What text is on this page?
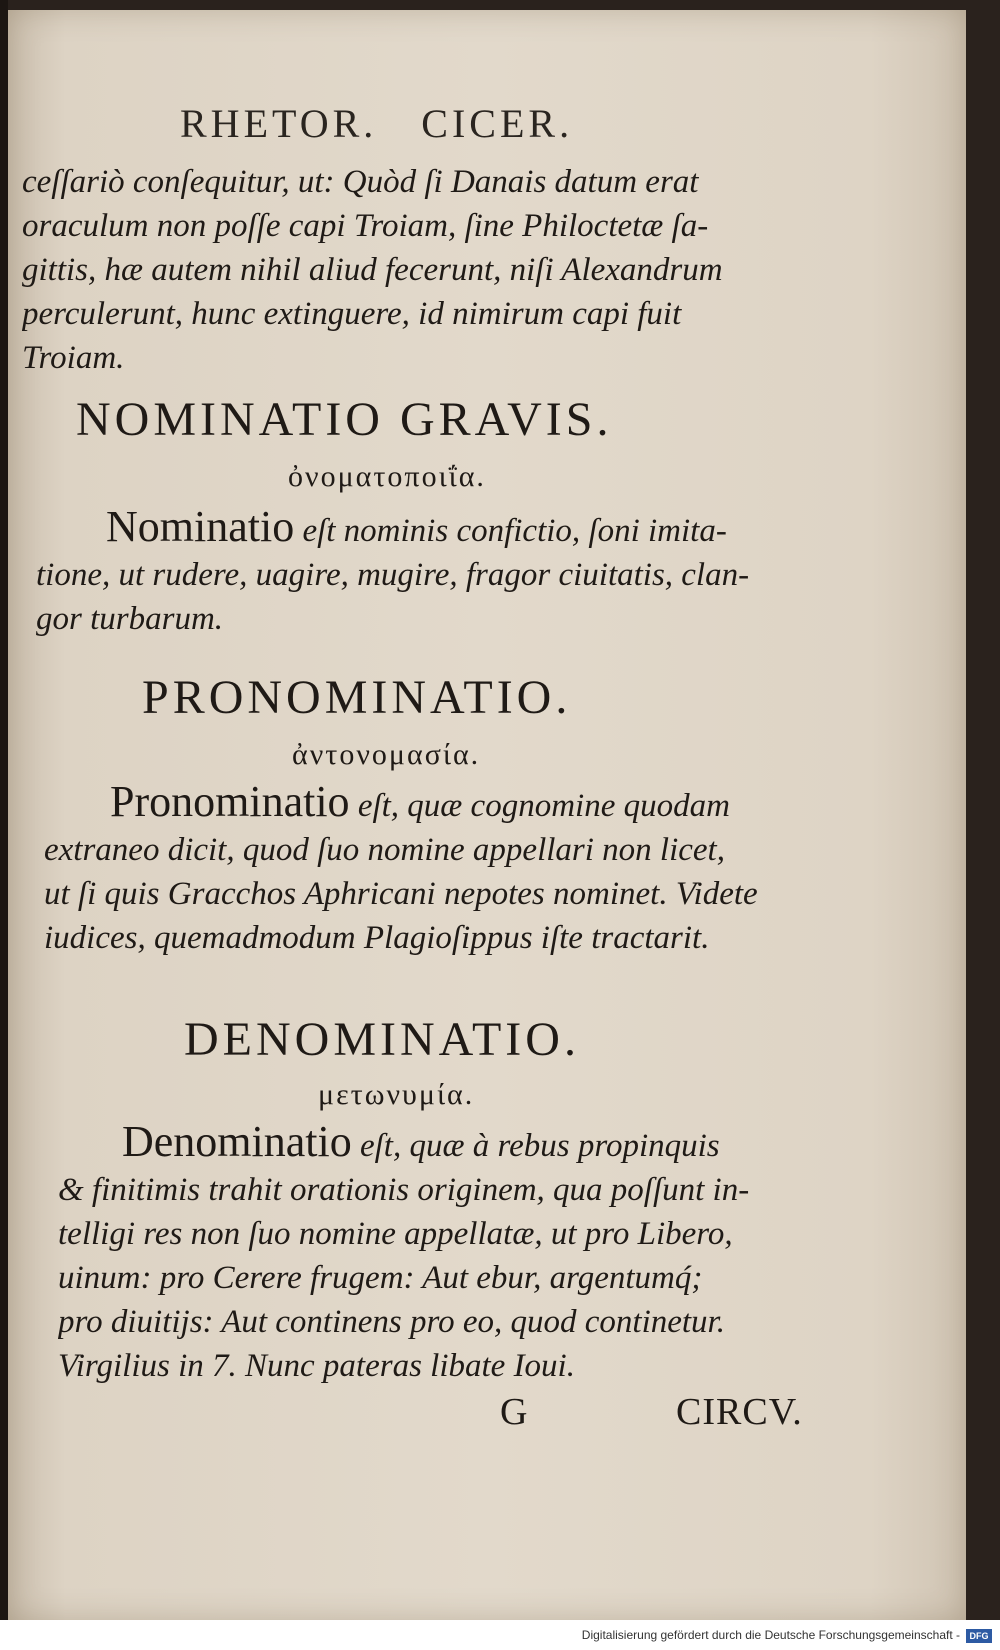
RHETOR. CICER.
ceſſariò conſequitur, ut: Quòd ſi Danais datum erat
oraculum non poſſe capi Troiam, ſine Philoctetæ ſa-
gittis, hæ autem nihil aliud fecerunt, niſi Alexandrum
perculerunt, hunc extinguere, id nimirum capi fuit
Troiam.
NOMINATIO GRAVIS.
ὀνοματοποιΐα.
Nominatio eſt nominis confictio, ſoni imita-
tione, ut rudere, uagire, mugire, fragor ciuitatis, clan-
gor turbarum.
PRONOMINATIO.
ἀντονομασία.
Pronominatio eſt, quæ cognomine quodam
extraneo dicit, quod ſuo nomine appellari non licet,
ut ſi quis Gracchos Aphricani nepotes nominet. Videte
iudices, quemadmodum Plagioſippus iſte tractarit.
DENOMINATIO.
μετωνυμία.
Denominatio eſt, quæ à rebus propinquis
& finitimis trahit orationis originem, qua poſſunt in-
telligi res non ſuo nomine appellatæ, ut pro Libero,
uinum: pro Cerere frugem: Aut ebur, argentumq́;
pro diuitijs: Aut continens pro eo, quod continetur.
Virgilius in 7. Nunc pateras libate Ioui.
G	CIRCV.
Digitalisierung gefördert durch die Deutsche Forschungsgemeinschaft -	DFG
